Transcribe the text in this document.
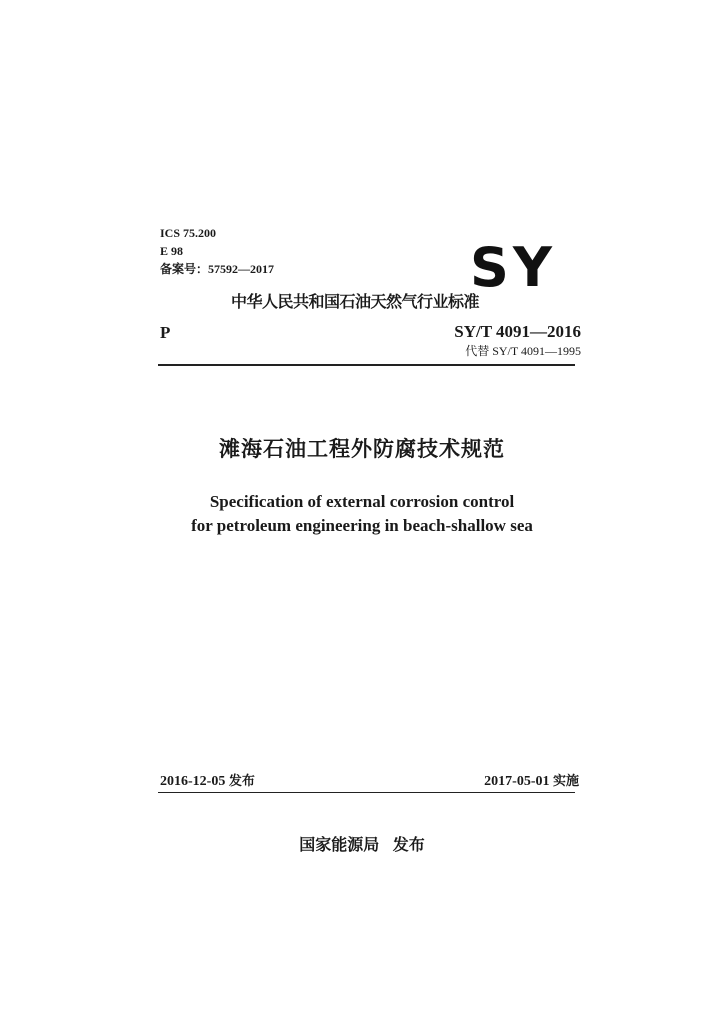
ICS 75.200
E 98
备案号：57592—2017	SY
中华人民共和国石油天然气行业标准
P	SY/T 4091—2016
代替 SY/T 4091—1995
滩海石油工程外防腐技术规范
Specification of external corrosion control
for petroleum engineering in beach-shallow sea
2016-12-05 发布	2017-05-01 实施
国家能源局 发布
